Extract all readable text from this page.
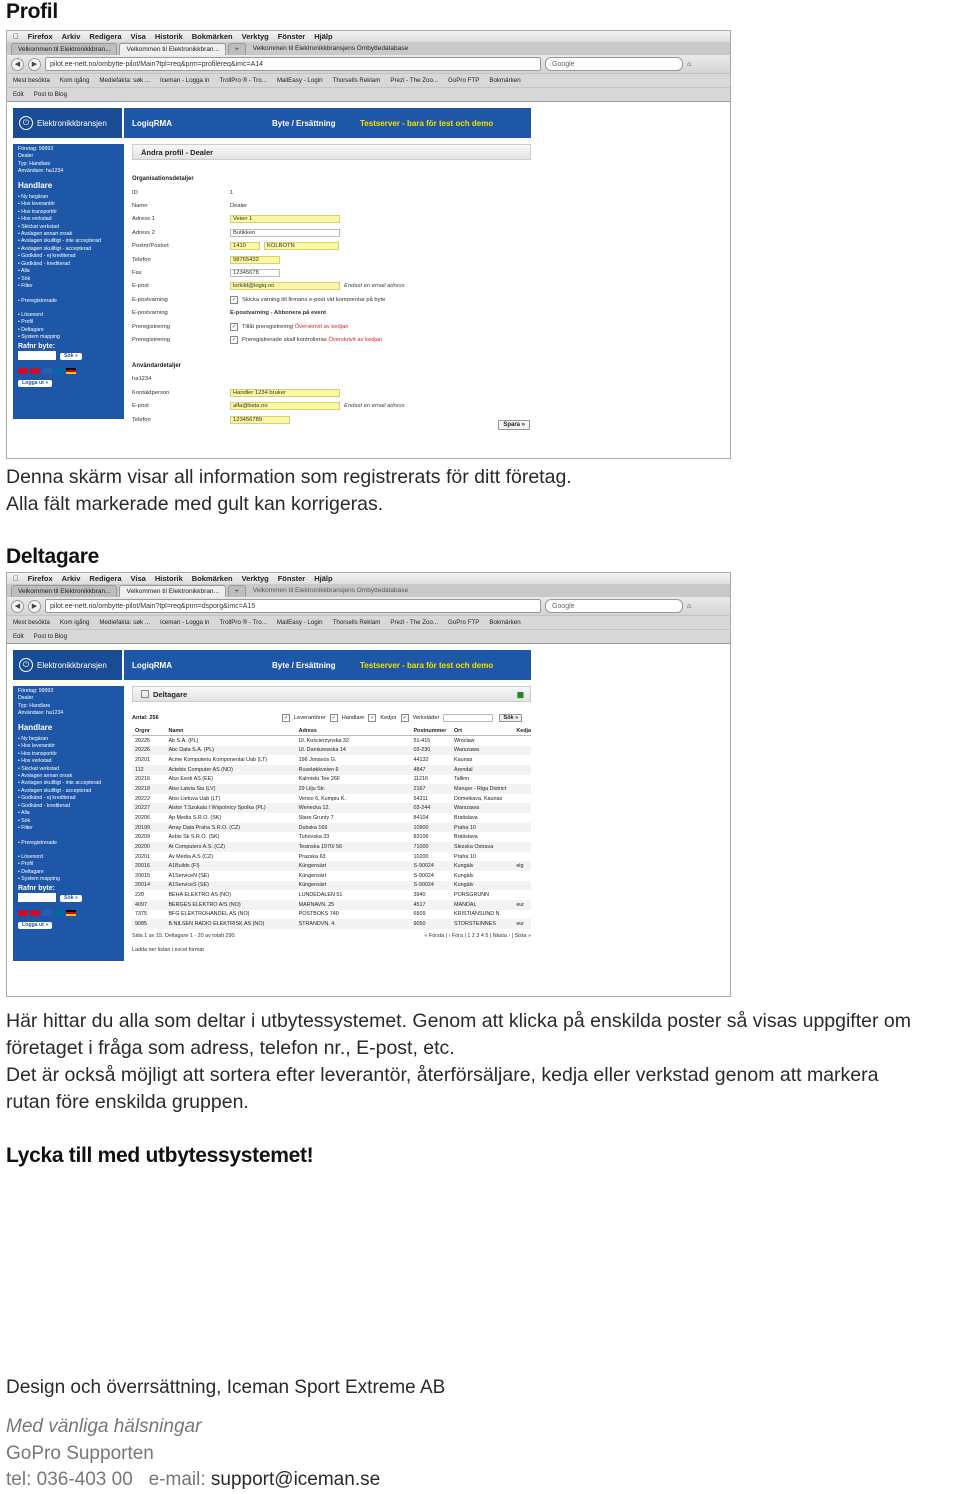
Profil
Firefox Arkiv Redigera Visa Historik Bokmärken Verktyg Fönster Hjälp
Velkommen til Elektronikkbran... Velkommen til Elektronikkbran...	+	Velkommen til Elektronikkbransjens Ombyttedatabase
◀	▶	pilot.ee-nett.no/ombytte-pilot/Main?tpl=req&prm=profilereq&imc=A14	Google	⌂
Mest besökta Kom igång Mediefakta: søk ... Iceman - Logga in TrollPro ® - Tro... MailEasy - Login Thorsells Reklam Prezi - The Zoo... GoPro FTP Bokmärken
Edit Post to Blog
⏻ Elektronikkbransjen	LogiqRMA	Byte / Ersättning	Testserver - bara för test och demo
Företag: 99993
Dealer
Typ: Handlare
Användare: ha1234
Handlare
• Ny begäran
• Hos leverantör
• Hos transportör
• Hos verkstad
• Skickat verkstad
• Avslagen annan orsak
• Avslagen skulltigt - inte accepterad
• Avslagen skulltigt - accepterad
• Godkänd - ej krediterad
• Godkänd - krediterad
• Alla
• Sök
• Filter
• Preregistrerade
• Lösenord
• Profil
• Deltagare
• System mapping
Rafnr byte:
Sök »
Logga ut »
Ändra profil - Dealer
Organisationsdetaljer
ID	1
Namn	Dealer
Adress 1	Veien 1
Adress 2	Butikken
Postnr/Postort	1410	KOLBOTN
Telefon	98765432
Fax	12345678
E-post	lorkild@logiq.no	Endast en email adress
E-postvarning	✓	Skicka varning till firmans e-post vid kommentar på byte
E-postvarning	E-postvarning - Abbonera på event
Preregistrering	✓	Tillåt preregistrering
Överskrivit av kedjan
Preregistrering	✓	Preregistrerade skall kontrolleras
Överskrivit av kedjan
Användardetaljer
ha1234
Kontaktperson	Handler 1234 bruker
E-post	alfa@beta.no	Endast en email adress
Telefon	123456789
Spara »
Denna skärm visar all information som registrerats för ditt företag.
Alla fält markerade med gult kan korrigeras.
Deltagare
Firefox Arkiv Redigera Visa Historik Bokmärken Verktyg Fönster Hjälp
Velkommen til Elektronikkbran... Velkommen til Elektronikkbran...	+	Velkommen til Elektronikkbransjens Ombyttedatabase
◀	▶	pilot.ee-nett.no/ombytte-pilot/Main?tpl=req&prm=dsporg&imc=A15	Google	⌂
Mest besökta Kom igång Mediefakta: søk ... Iceman - Logga in TrollPro ® - Tro... MailEasy - Login Thorsells Reklam Prezi - The Zoo... GoPro FTP Bokmärken
Edit Post to Blog
⏻ Elektronikkbransjen	LogiqRMA	Byte / Ersättning	Testserver - bara för test och demo
Företag: 99993
Dealer
Typ: Handlare
Användare: ha1234
Handlare
• Ny begäran
• Hos leverantör
• Hos transportör
• Hos verkstad
• Skickat verkstad
• Avslagen annan orsak
• Avslagen skulltigt - inte accepterad
• Avslagen skulltigt - accepterad
• Godkänd - ej krediterad
• Godkänd - krediterad
• Alla
• Sök
• Filter
• Preregistrerade
• Lösenord
• Profil
• Deltagare
• System mapping
Rafnr byte:
Sök »
Logga ut »
Deltagare	▦
Antal: 256	✓	Leverantörer	✓	Handlare	✓	Kedjor	✓	Verkstäder	Sök »
Orgnr	Namn	Adress	Postnummer	Ort	Kedja
20225	Ab S.A. (PL)	Ul. Kościerzynska 32	51-416	Wrocław	
20226	Abc Data S.A. (PL)	Ul. Daniszewska 14	03-230	Warszawa	
20201	Acme Komputeriu Komponentai Uab (LT)	196 Jonavos G.	44132	Kaunas	
112	Actebis Computer AS (NO)	Ruseløkkveien 6	4847	Arendal	
20216	Also Eesti AS (EE)	Kalmistu Tee 26F	11216	Tallinn	
20218	Also Latvia Sia (LV)	29 Lilju Str.	2167	Marupe - Riga District	
20222	Also Lietuva Uab (LT)	Versio 6, Kumpiu K.	54311	Domeikava, Kaunas	
20227	Alstor T.Szukala I Wspolnicy Spolka (PL)	Wenecka 12.	03-244	Warszawa	
20206	Ap Media S.R.O. (SK)	Stare Grunty 7	84104	Bratislava	
20199	Array Data Praha S.R.O. (CZ)	Dubska 169	10900	Praha 10	
20209	Asbis Sk S.R.O. (SK)	Tuhovska 33	83106	Bratislava	
20200	At Computers A.S. (CZ)	Tesinska 1970/ 56	71000	Slezska Ostrava	
20201	Av Media A.S (CZ)	Prazska 63	10200	Praha 10	
20016	A1Builds (FI)	Küngensärt	S-90024	Kungälv	elg
20015	A1ServiceN (SE)	Küngensärt	S-90024	Kungälv	
20014	A1ServiceS (SE)	Küngensärt	S-90024	Kungälv	
220	BEHA ELEKTRO AS (NO)	LUNDEDALEN 51	3940	PORSGRUNN	
4097	BERGES ELEKTRO A/S (NO)	MARNAVN. 25	4517	MANDAL	eur
7375	BFG ELEKTROHANDEL AS (NO)	POSTBOKS 740	6509	KRISTIANSUND N	
9085	B.NILSEN RADIO ELEKTRISK AS (NO)	STRANDVN. 4	9050	STORSTEINNES	eur
Sida 1 av 15. Deltagare 1 - 20 av totalt 290.	« Första | ‹ Föra | 1 2 3 4 5 | Nästa › | Sista »
Ladda ner listan i excel format
Här hittar du alla som deltar i utbytessystemet. Genom att klicka på enskilda poster så visas uppgifter om
företaget i fråga som adress, telefon nr., E-post, etc.
Det är också möjligt att sortera efter leverantör, återförsäljare, kedja eller verkstad genom att markera
rutan före enskilda gruppen.
Lycka till med utbytessystemet!
Design och överrsättning, Iceman Sport Extreme AB
Med vänliga hälsningar
GoPro Supporten
tel: 036-403 00 e-mail: support@iceman.se
